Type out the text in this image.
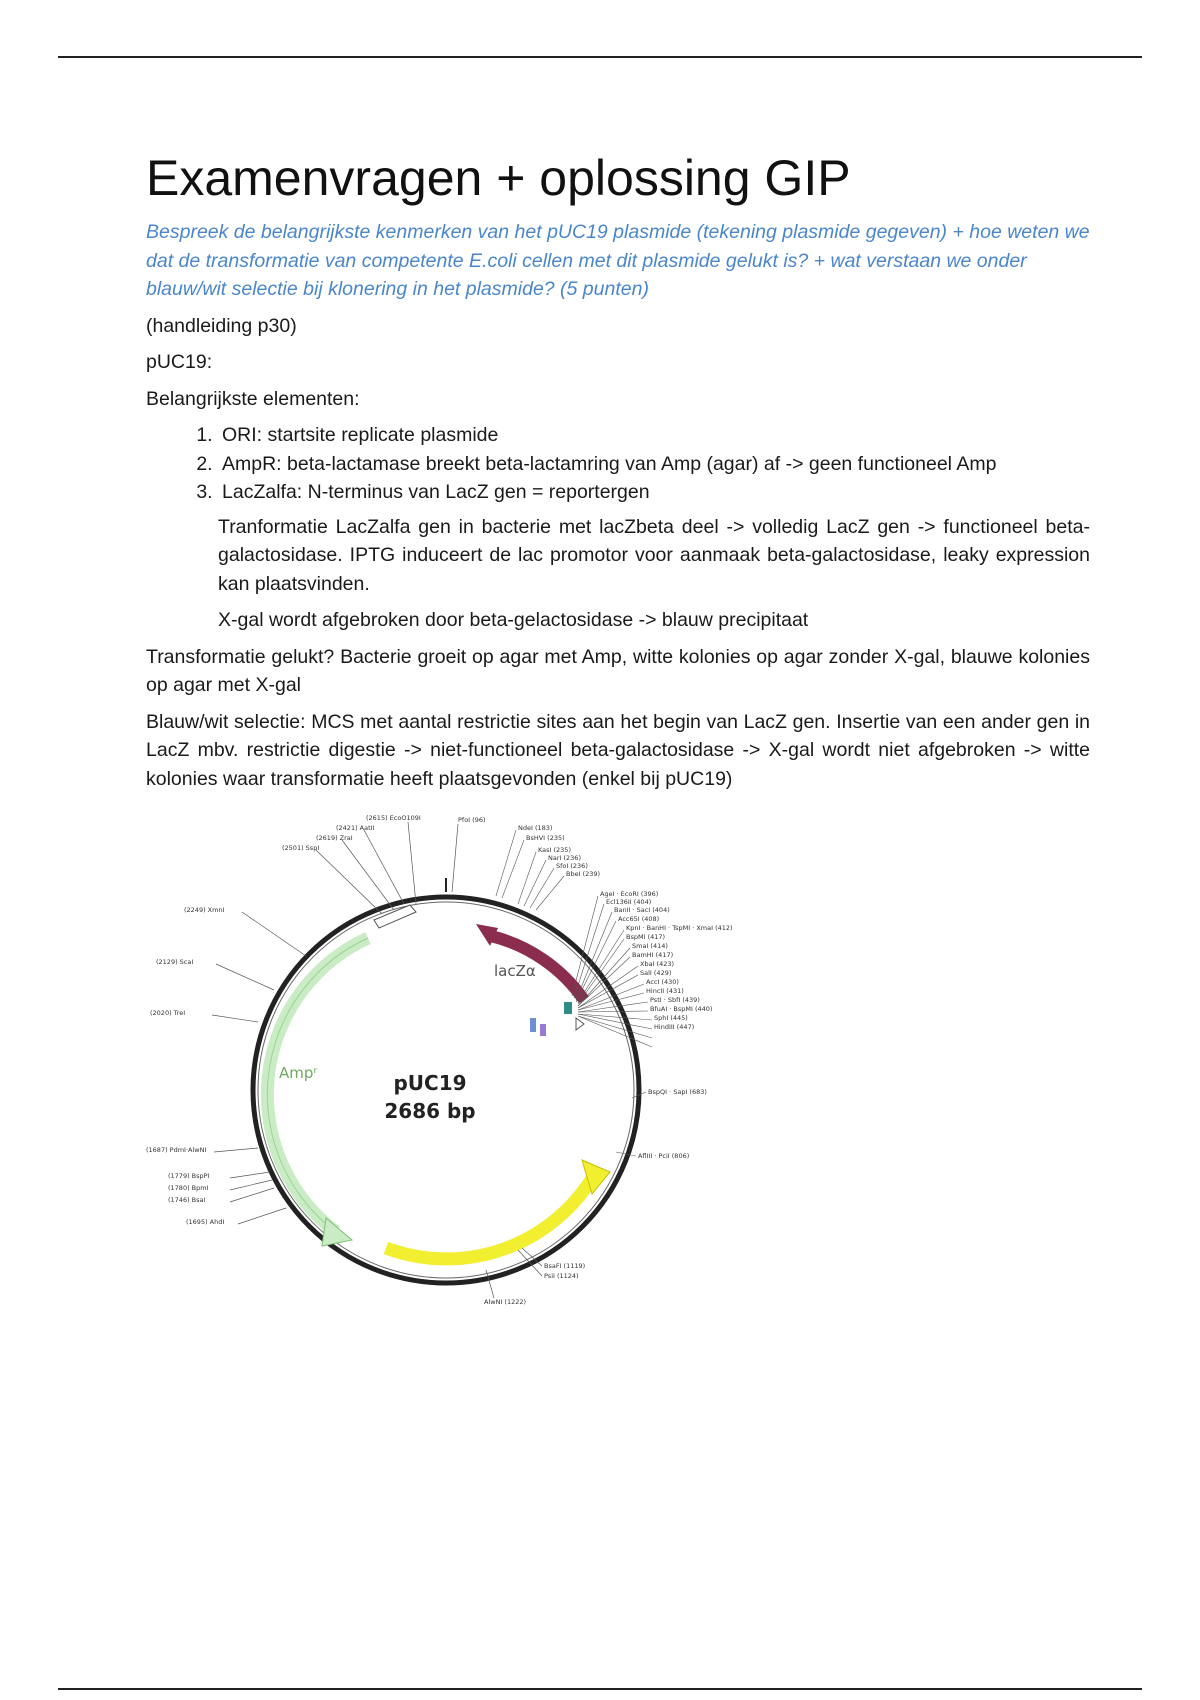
Examenvragen + oplossing GIP

Bespreek de belangrijkste kenmerken van het pUC19 plasmide (tekening plasmide gegeven) + hoe weten we dat de transformatie van competente E.coli cellen met dit plasmide gelukt is? + wat verstaan we onder blauw/wit selectie bij klonering in het plasmide? (5 punten)

(handleiding p30)

pUC19:

Belangrijkste elementen:

1. ORI: startsite replicate plasmide
2. AmpR: beta-lactamase breekt beta-lactamring van Amp (agar) af -> geen functioneel Amp
3. LacZalfa: N-terminus van LacZ gen = reportergen

Tranformatie LacZalfa gen in bacterie met lacZbeta deel -> volledig LacZ gen -> functioneel beta-galactosidase. IPTG induceert de lac promotor voor aanmaak beta-galactosidase, leaky expression kan plaatsvinden.

X-gal wordt afgebroken door beta-gelactosidase -> blauw precipitaat

Transformatie gelukt? Bacterie groeit op agar met Amp, witte kolonies op agar zonder X-gal, blauwe kolonies op agar met X-gal

Blauw/wit selectie: MCS met aantal restrictie sites aan het begin van LacZ gen. Insertie van een ander gen in LacZ mbv. restrictie digestie -> niet-functioneel beta-galactosidase -> X-gal wordt niet afgebroken -> witte kolonies waar transformatie heeft plaatsgevonden (enkel bij pUC19)

lacZα
Ampʳ	pUC19
2686 bp
(2615) EcoO109I
(2421) AatII
(2619) ZraI
(2501) SspI
PfoI (96)
(2249) XmnI
(2129) ScaI
(2020) TreI
(1687) PdmI·AlwNI
(1779) BspPI
(1780) BpmI
(1746) BsaI
(1695) AhdI
NdeI (183)
BsHVI (235)
KasI (235)
NarI (236)
SfoI (236)
BbeI (239)
AgeI · EcoRI (396)
Ecl136II (404)
BanII · SacI (404)
Acc65I (408)
KpnI · BanHI · TspMI · XmaI (412)
BspMI (417)
SmaI (414)
BamHI (417)
XbaI (423)
SalI (429)
AccI (430)
HincII (431)
PstI · SbfI (439)
BfuAI · BspMI (440)
SphI (445)
HindIII (447)
BspQI · SapI (683)
AflIII · PciI (806)
BsaFI (1119)
PsiI (1124)
AlwNI (1222)
